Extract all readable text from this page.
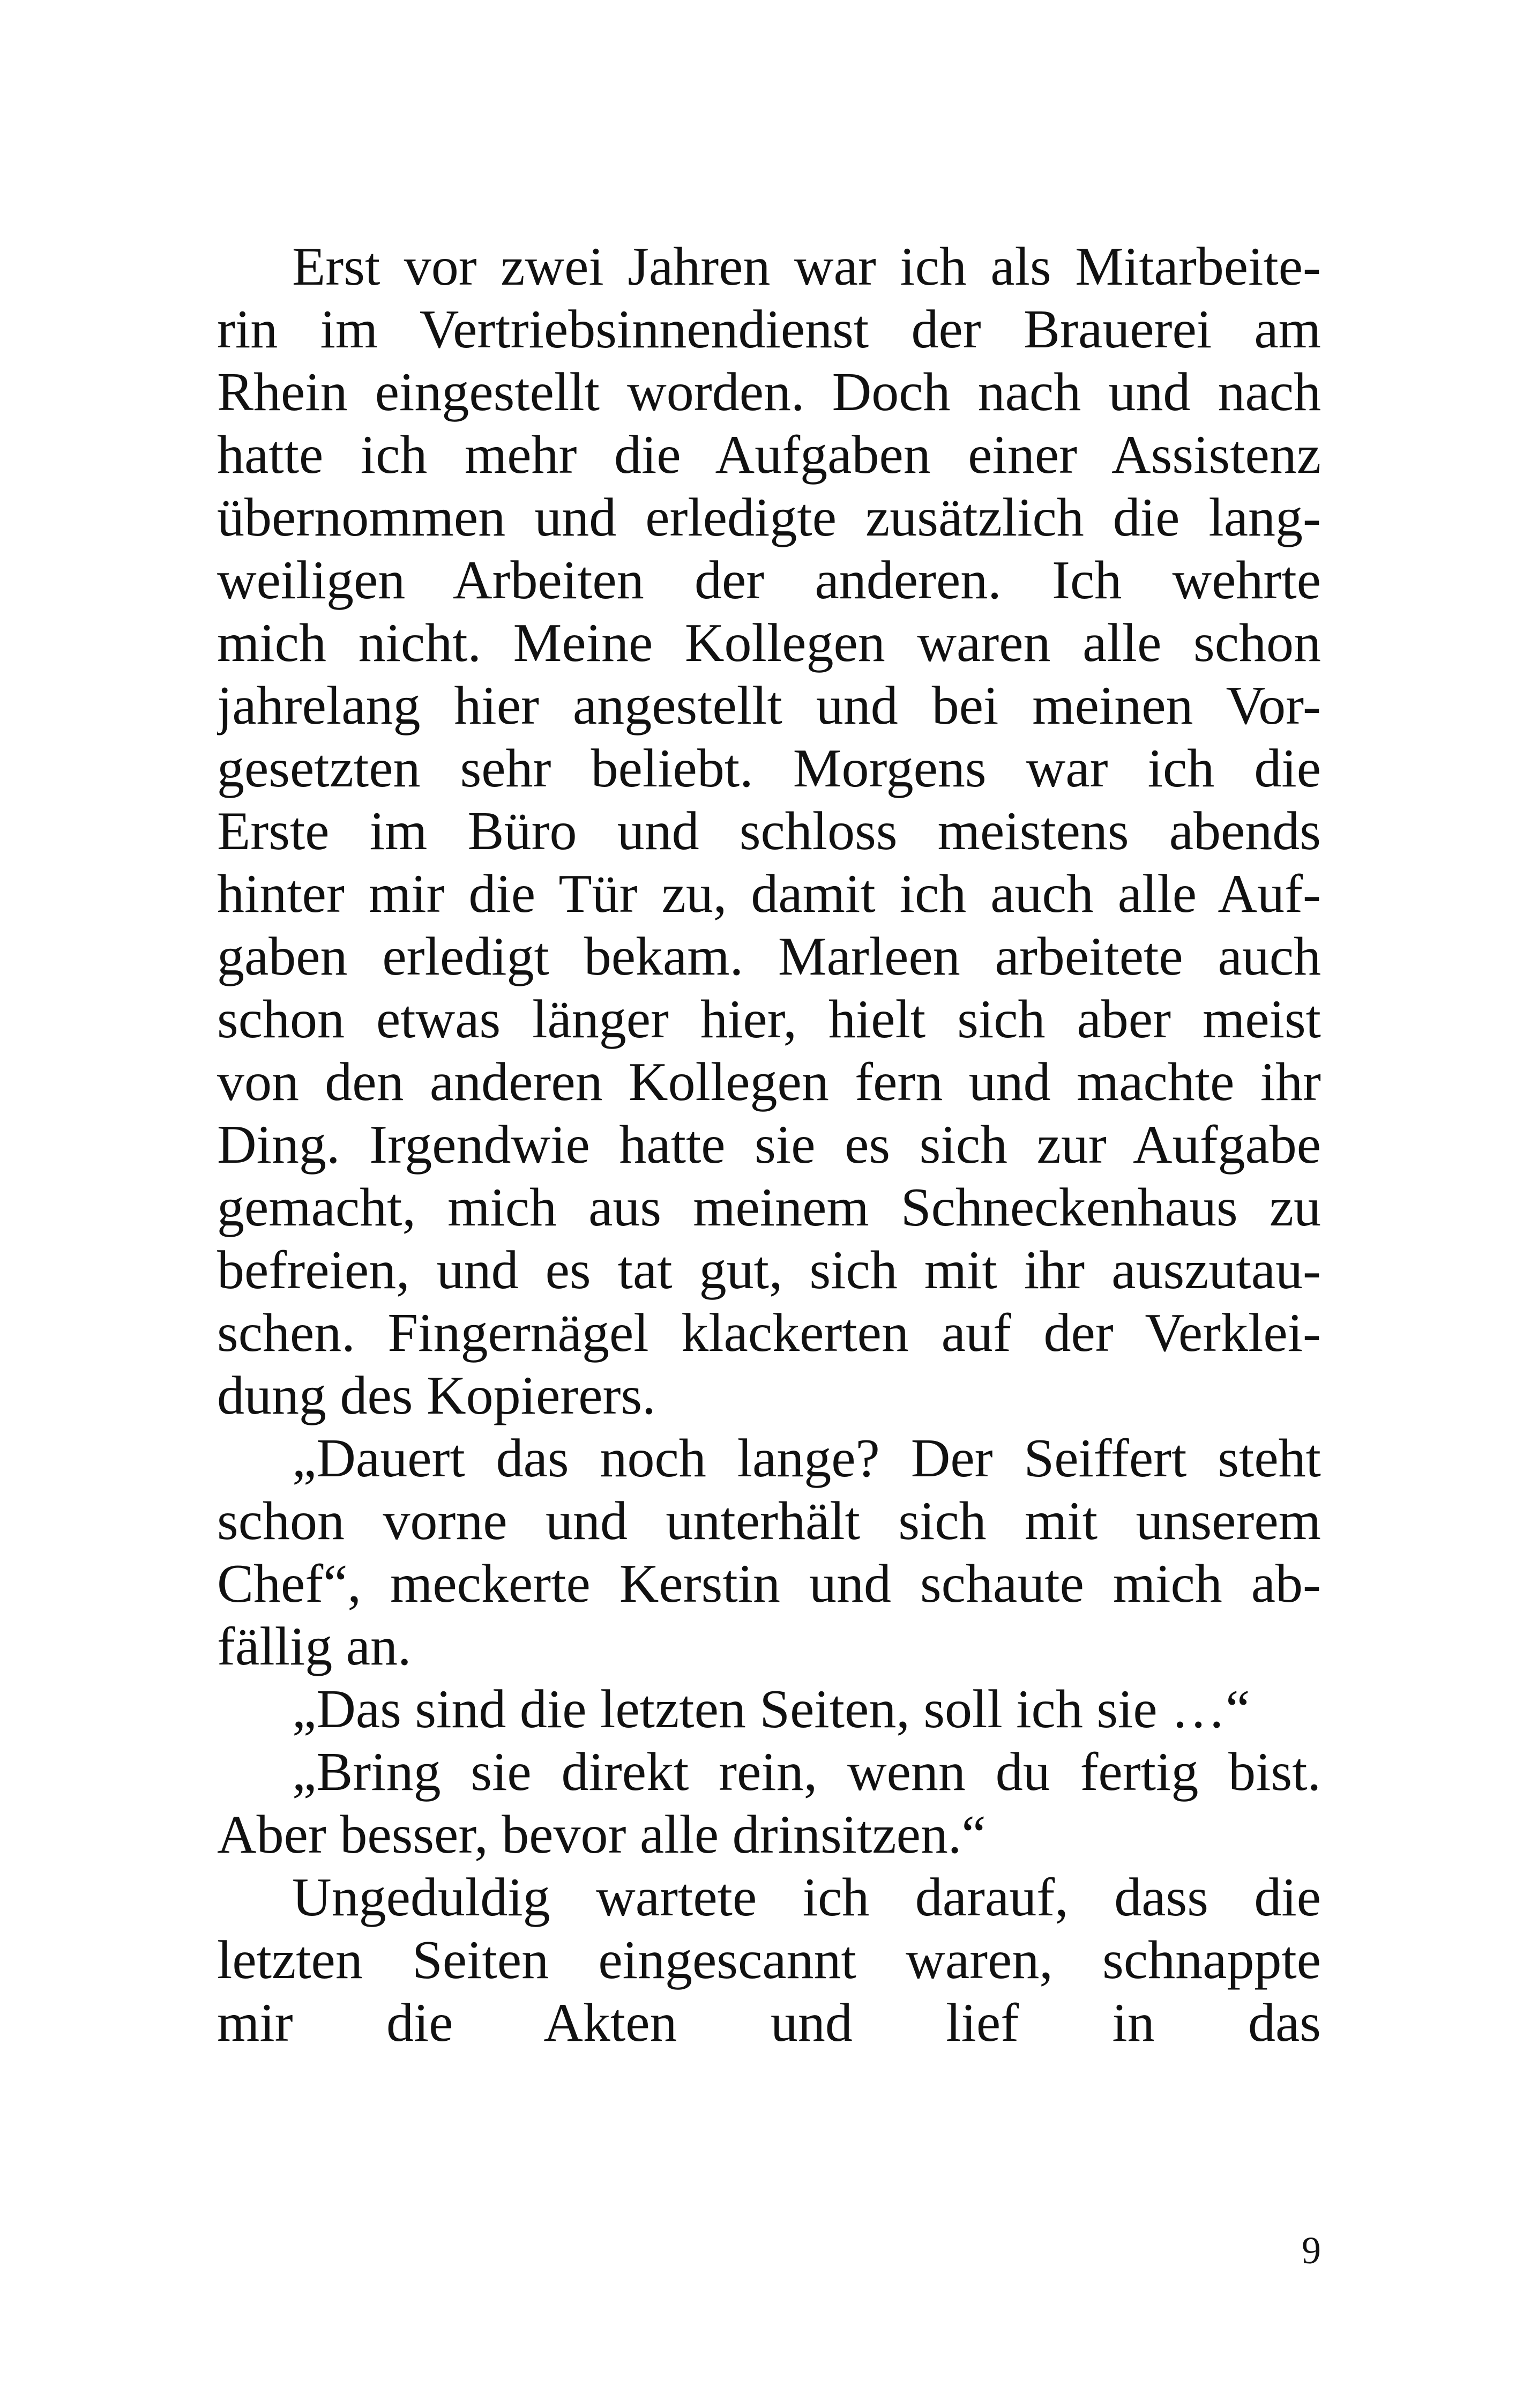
Erst vor zwei Jahren war ich als Mitarbeite-
rin im Vertriebsinnendienst der Brauerei am
Rhein eingestellt worden. Doch nach und nach
hatte ich mehr die Aufgaben einer Assistenz
übernommen und erledigte zusätzlich die lang-
weiligen Arbeiten der anderen. Ich wehrte
mich nicht. Meine Kollegen waren alle schon
jahrelang hier angestellt und bei meinen Vor-
gesetzten sehr beliebt. Morgens war ich die
Erste im Büro und schloss meistens abends
hinter mir die Tür zu, damit ich auch alle Auf-
gaben erledigt bekam. Marleen arbeitete auch
schon etwas länger hier, hielt sich aber meist
von den anderen Kollegen fern und machte ihr
Ding. Irgendwie hatte sie es sich zur Aufgabe
gemacht, mich aus meinem Schneckenhaus zu
befreien, und es tat gut, sich mit ihr auszutau-
schen. Fingernägel klackerten auf der Verklei-
dung des Kopierers.
„Dauert das noch lange? Der Seiffert steht
schon vorne und unterhält sich mit unserem
Chef“, meckerte Kerstin und schaute mich ab-
fällig an.
„Das sind die letzten Seiten, soll ich sie …“
„Bring sie direkt rein, wenn du fertig bist.
Aber besser, bevor alle drinsitzen.“
Ungeduldig wartete ich darauf, dass die
letzten Seiten eingescannt waren, schnappte
mir die Akten und lief in das
9
